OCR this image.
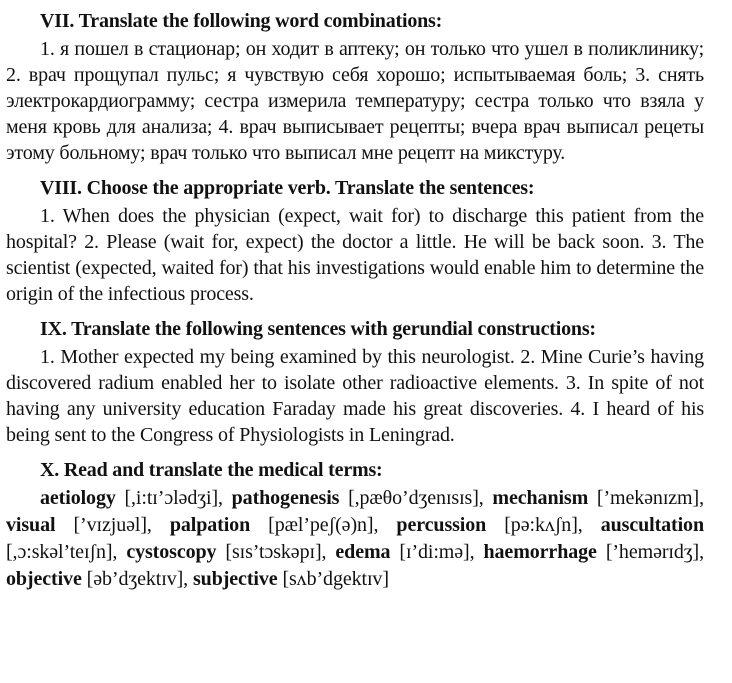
VII. Translate the following word combinations:

1. я пошел в стационар; он ходит в аптеку; он только что ушел в поликлинику; 2. врач прощупал пульс; я чувствую себя хорошо; испытываемая боль; 3. снять электрокардиограмму; сестра измерила температуру; сестра только что взяла у меня кровь для анализа; 4. врач выписывает рецепты; вчера врач выписал рецеты этому больному; врач только что выписал мне рецепт на микстуру.

VIII. Choose the appropriate verb. Translate the sentences:

1. When does the physician (expect, wait for) to discharge this patient from the hospital? 2. Please (wait for, expect) the doctor a little. He will be back soon. 3. The scientist (expected, waited for) that his investigations would enable him to determine the origin of the infectious process.

IX. Translate the following sentences with gerundial constructions:

1. Mother expected my being examined by this neurologist. 2. Mine Curie’s having discovered radium enabled her to isolate other radioactive elements. 3. In spite of not having any university education Faraday made his great discoveries. 4. I heard of his being sent to the Congress of Physiologists in Leningrad.

X. Read and translate the medical terms:

aetiology [,i:tɪ’ɔlədʒi], pathogenesis [,pæθo’dʒenɪsɪs], mechanism [’mekənɪzm], visual [’vɪzjuəl], palpation [pæl’peʃ(ə)n], percussion [pə:kʌʃn], auscultation [,ɔ:skəl’teɪʃn], cystoscopy [sɪs’tɔskəpɪ], edema [ɪ’di:mə], haemorrhage [’hemərɪdʒ], objective [əb’dʒektɪv], subjective [sʌb’dgektɪv]
